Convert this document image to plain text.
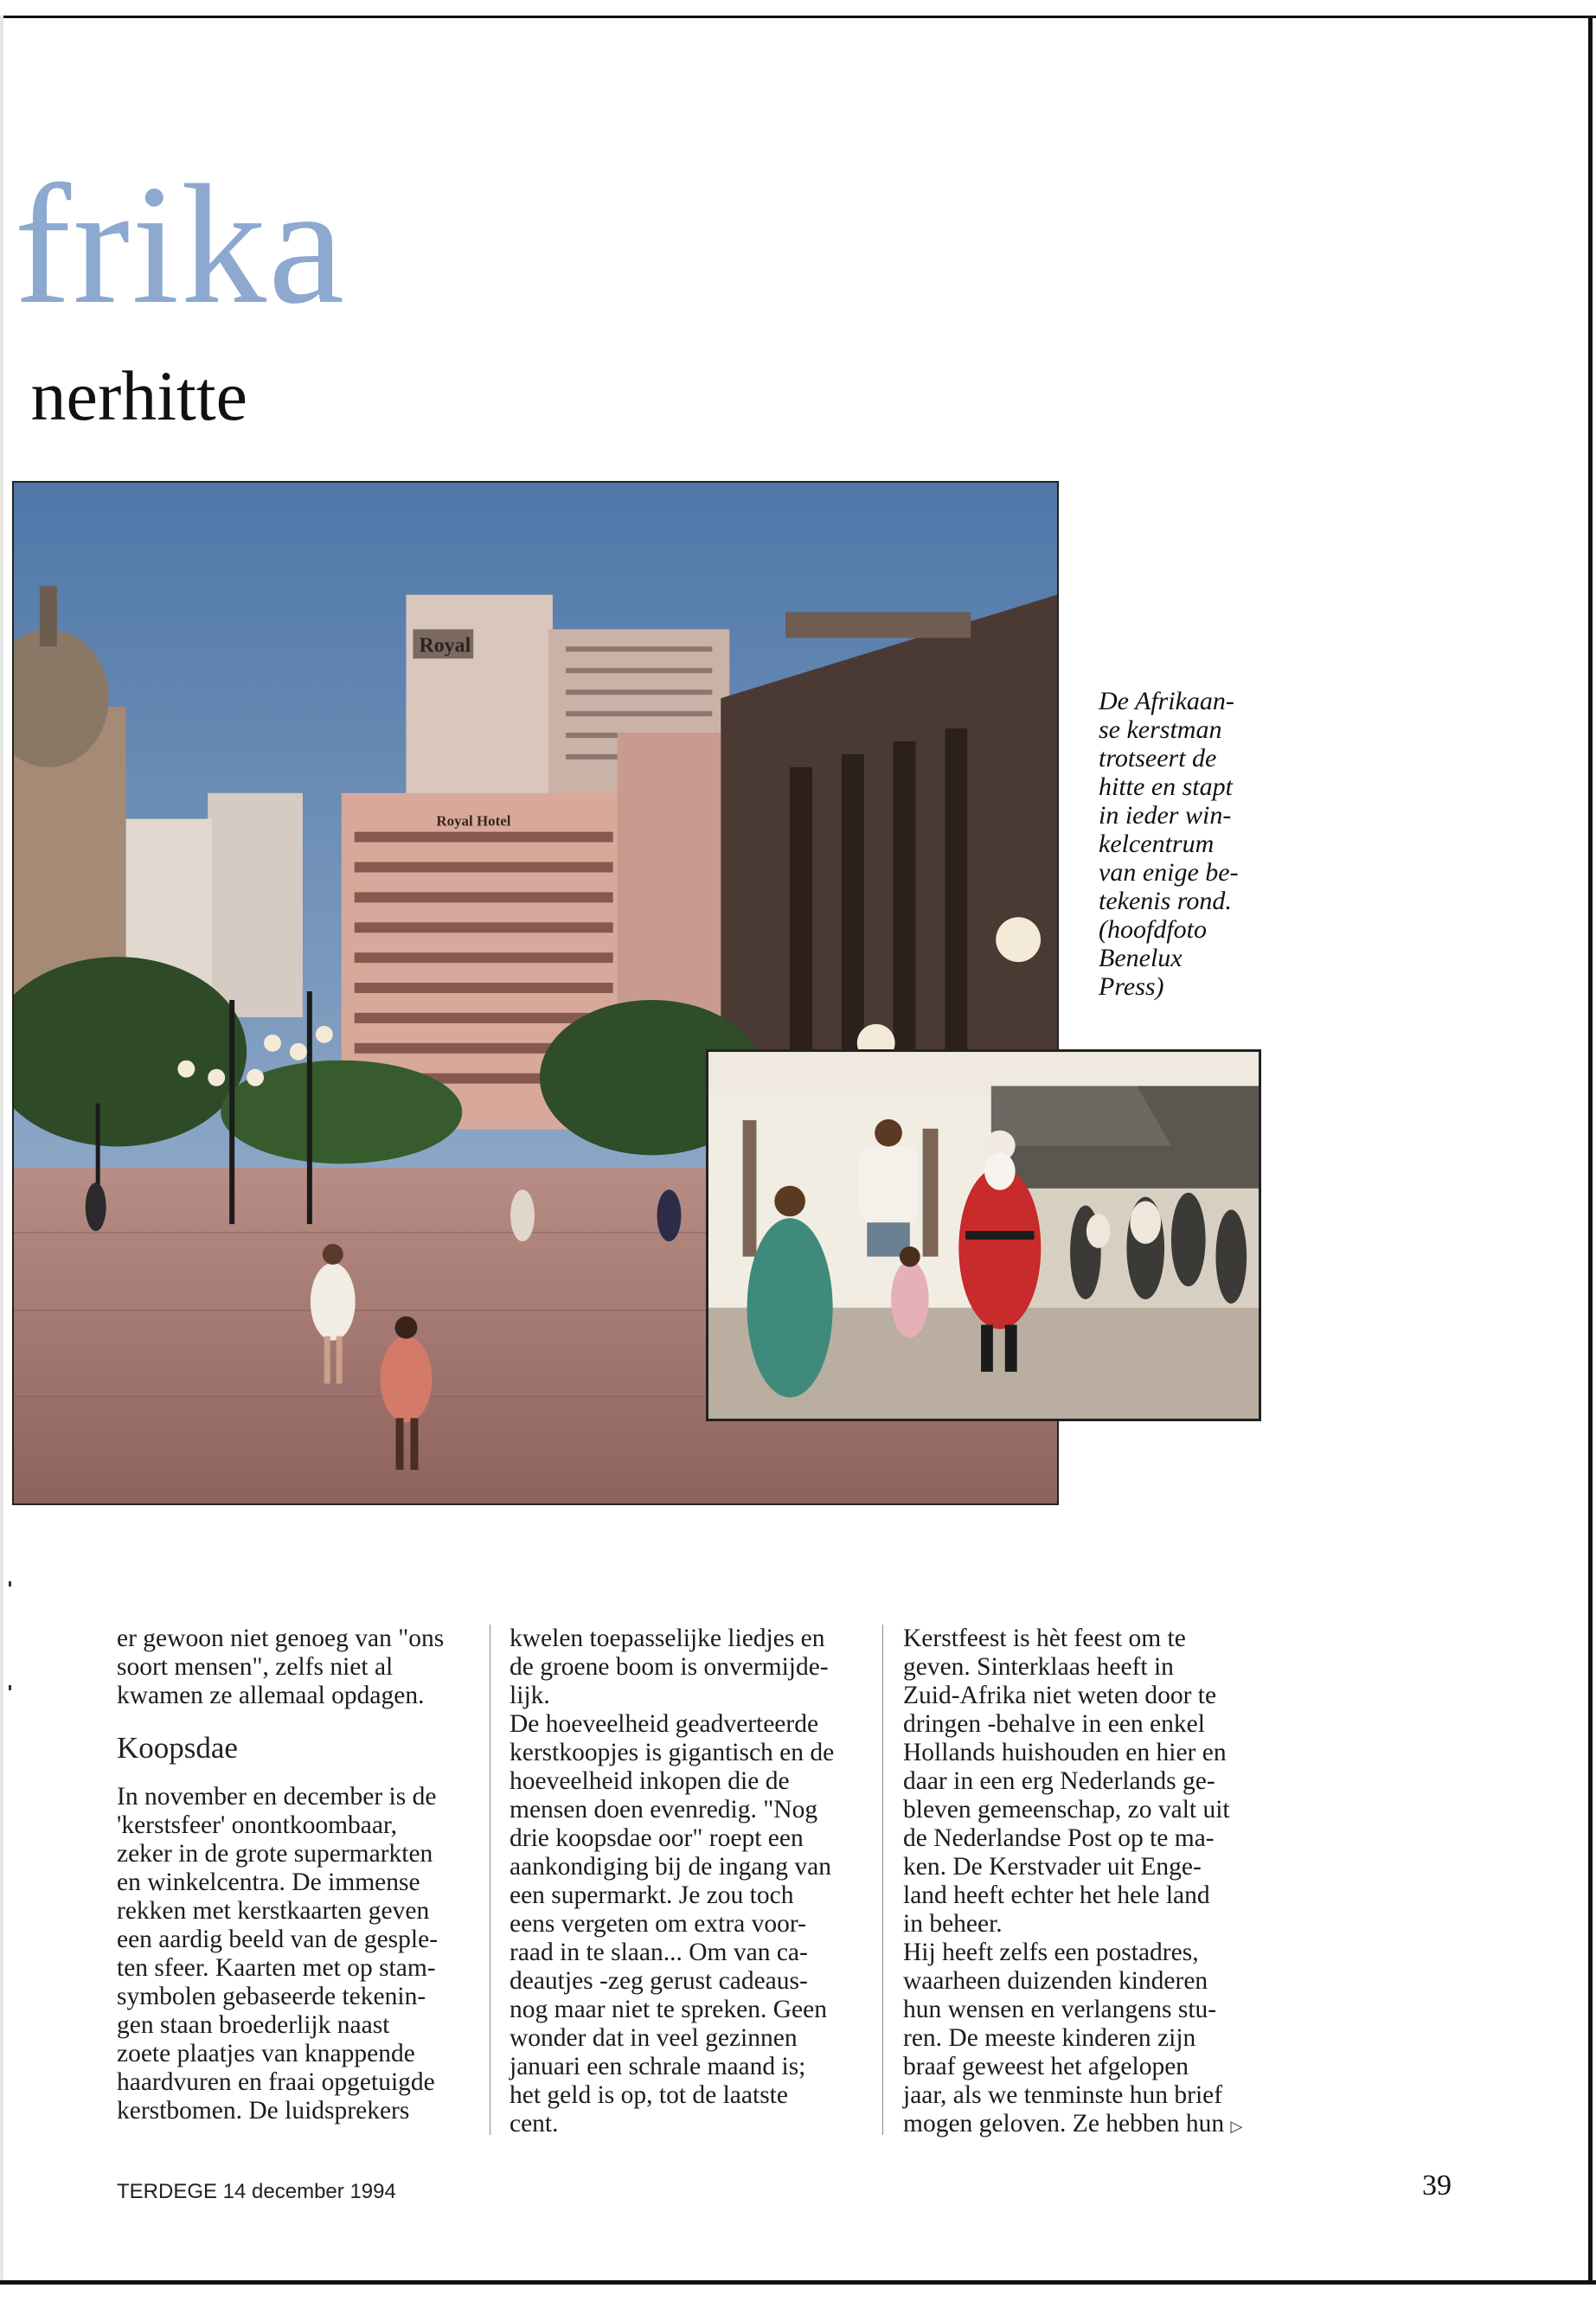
frika
nerhitte
Royal
Royal Hotel
De Afrikaan-
se kerstman
trotseert de
hitte en stapt
in ieder win-
kelcentrum
van enige be-
tekenis rond.
(hoofdfoto
Benelux
Press)
er gewoon niet genoeg van "ons
soort mensen", zelfs niet al
kwamen ze allemaal opdagen.
Koopsdae
In november en december is de
'kerstsfeer' onontkoombaar,
zeker in de grote supermarkten
en winkelcentra. De immense
rekken met kerstkaarten geven
een aardig beeld van de gesple-
ten sfeer. Kaarten met op stam-
symbolen gebaseerde tekenin-
gen staan broederlijk naast
zoete plaatjes van knappende
haardvuren en fraai opgetuigde
kerstbomen. De luidsprekers
kwelen toepasselijke liedjes en
de groene boom is onvermijde-
lijk.
De hoeveelheid geadverteerde
kerstkoopjes is gigantisch en de
hoeveelheid inkopen die de
mensen doen evenredig. "Nog
drie koopsdae oor" roept een
aankondiging bij de ingang van
een supermarkt. Je zou toch
eens vergeten om extra voor-
raad in te slaan... Om van ca-
deautjes -zeg gerust cadeaus-
nog maar niet te spreken. Geen
wonder dat in veel gezinnen
januari een schrale maand is;
het geld is op, tot de laatste
cent.
Kerstfeest is hèt feest om te
geven. Sinterklaas heeft in
Zuid-Afrika niet weten door te
dringen -behalve in een enkel
Hollands huishouden en hier en
daar in een erg Nederlands ge-
bleven gemeenschap, zo valt uit
de Nederlandse Post op te ma-
ken. De Kerstvader uit Enge-
land heeft echter het hele land
in beheer.
Hij heeft zelfs een postadres,
waarheen duizenden kinderen
hun wensen en verlangens stu-
ren. De meeste kinderen zijn
braaf geweest het afgelopen
jaar, als we tenminste hun brief
mogen geloven. Ze hebben hun ▷
TERDEGE 14 december 1994	39
